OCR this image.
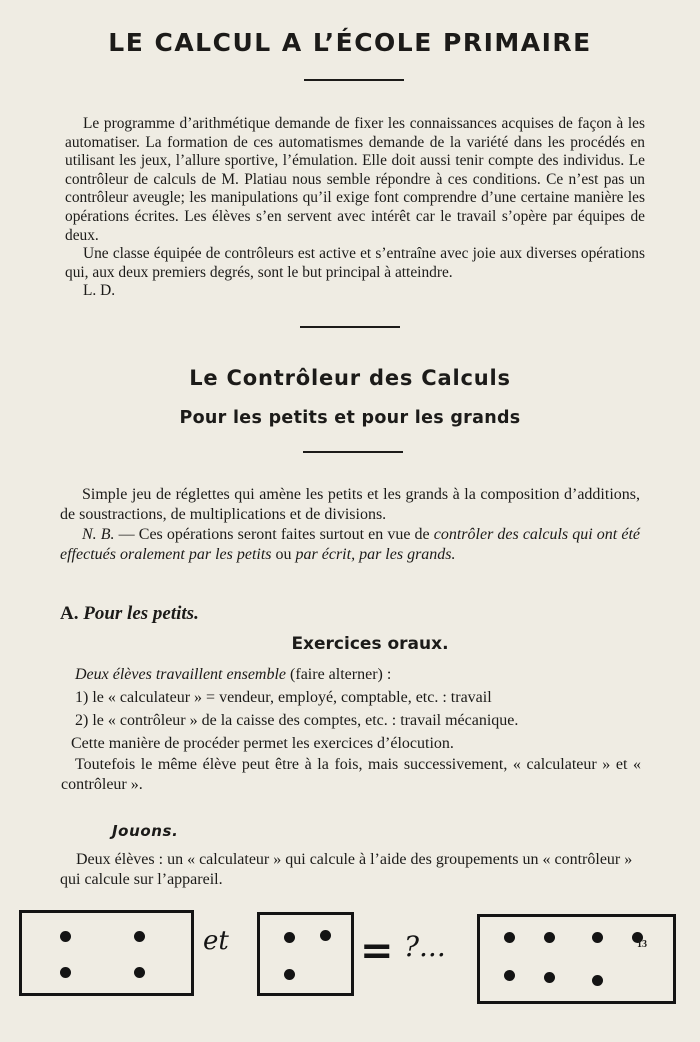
LE CALCUL A L’ÉCOLE PRIMAIRE

Le programme d’arithmétique demande de fixer les connaissances acquises de façon à les automatiser. La formation de ces automatismes demande de la variété dans les procédés en utilisant les jeux, l’allure sportive, l’émulation. Elle doit aussi tenir compte des individus. Le contrôleur de calculs de M. Platiau nous semble répondre à ces conditions. Ce n’est pas un contrôleur aveugle; les manipulations qu’il exige font comprendre d’une certaine manière les opérations écrites. Les élèves s’en servent avec intérêt car le travail s’opère par équipes de deux.

Une classe équipée de contrôleurs est active et s’entraîne avec joie aux diverses opérations qui, aux deux premiers degrés, sont le but principal à atteindre.

L. D.

Le Contrôleur des Calculs
Pour les petits et pour les grands

Simple jeu de réglettes qui amène les petits et les grands à la composition d’additions, de soustractions, de multiplications et de divisions.

N. B. — Ces opérations seront faites surtout en vue de contrôler des calculs qui ont été effectués oralement par les petits ou par écrit, par les grands.

A. Pour les petits.
Exercices oraux.

Deux élèves travaillent ensemble (faire alterner) :

1) le « calculateur » = vendeur, employé, comptable, etc. : travail

2) le « contrôleur » de la caisse des comptes, etc. : travail mécanique.

Cette manière de procéder permet les exercices d’élocution.

Toutefois le même élève peut être à la fois, mais successivement, « calculateur » et « contrôleur ».

Jouons.

Deux élèves : un « calculateur » qui calcule à l’aide des groupements un « contrôleur » qui calcule sur l’appareil.

et	= ?...	13
